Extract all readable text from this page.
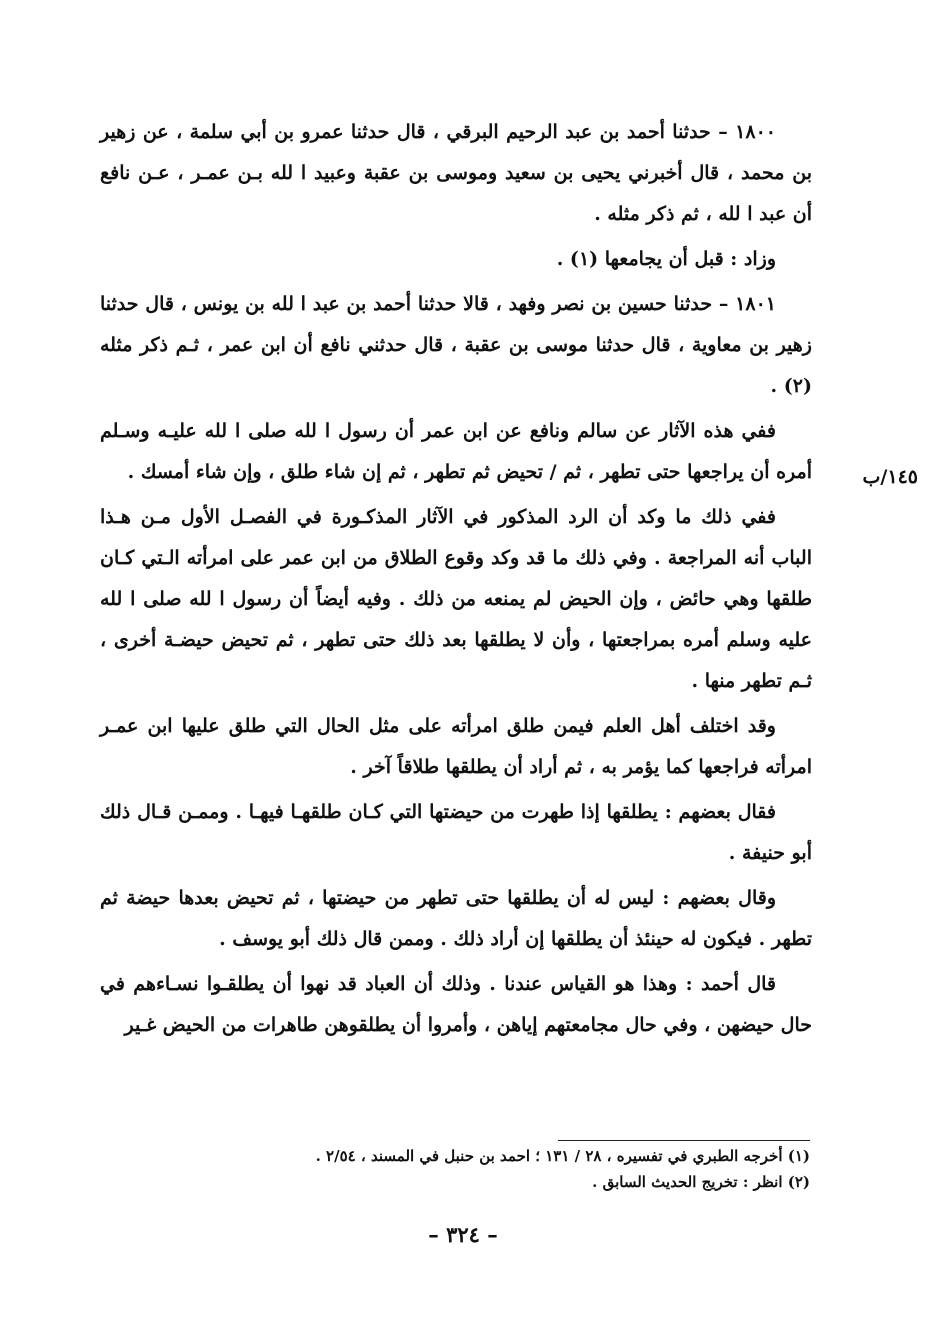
١٨٠٠ – حدثنا أحمد بن عبد الرحيم البرقي ، قال حدثنا عمرو بن أبي سلمة ، عن زهير بن محمد ، قال أخبرني يحيى بن سعيد وموسى بن عقبة وعبيد ا لله بـن عمـر ، عـن نافع أن عبد ا لله ، ثم ذكر مثله .

وزاد : قبل أن يجامعها (١) .

١٨٠١ – حدثنا حسين بن نصر وفهد ، قالا حدثنا أحمد بن عبد ا لله بن يونس ، قال حدثنا زهير بن معاوية ، قال حدثنا موسى بن عقبة ، قال حدثني نافع أن ابن عمر ، ثـم ذكر مثله (٢) .

ففي هذه الآثار عن سالم ونافع عن ابن عمر أن رسول ا لله صلى ا لله عليـه وسـلم أمره أن يراجعها حتى تطهر ، ثم / تحيض ثم تطهر ، ثم إن شاء طلق ، وإن شاء أمسك .

ففي ذلك ما وكد أن الرد المذكور في الآثار المذكـورة في الفصـل الأول مـن هـذا الباب أنه المراجعة . وفي ذلك ما قد وكد وقوع الطلاق من ابن عمر على امرأته الـتي كـان طلقها وهي حائض ، وإن الحيض لم يمنعه من ذلك . وفيه أيضاً أن رسول ا لله صلى ا لله عليه وسلم أمره بمراجعتها ، وأن لا يطلقها بعد ذلك حتى تطهر ، ثم تحيض حيضـة أخرى ، ثـم تطهر منها .

وقد اختلف أهل العلم فيمن طلق امرأته على مثل الحال التي طلق عليها ابن عمـر امرأته فراجعها كما يؤمر به ، ثم أراد أن يطلقها طلاقاً آخر .

فقال بعضهم : يطلقها إذا طهرت من حيضتها التي كـان طلقهـا فيهـا . وممـن قـال ذلك أبو حنيفة .

وقال بعضهم : ليس له أن يطلقها حتى تطهر من حيضتها ، ثم تحيض بعدها حيضة ثم تطهر . فيكون له حينئذ أن يطلقها إن أراد ذلك . وممن قال ذلك أبو يوسف .

قال أحمد : وهذا هو القياس عندنا . وذلك أن العباد قد نهوا أن يطلقـوا نسـاءهم في حال حيضهن ، وفي حال مجامعتهم إياهن ، وأمروا أن يطلقوهن طاهرات من الحيض غـير

١٤٥/ب

(١) أخرجه الطبري في تفسيره ، ٢٨ / ١٣١ ؛ احمد بن حنبل في المسند ، ٢/٥٤ .

(٢) انظر : تخريج الحديث السابق .

– ٣٢٤ –
